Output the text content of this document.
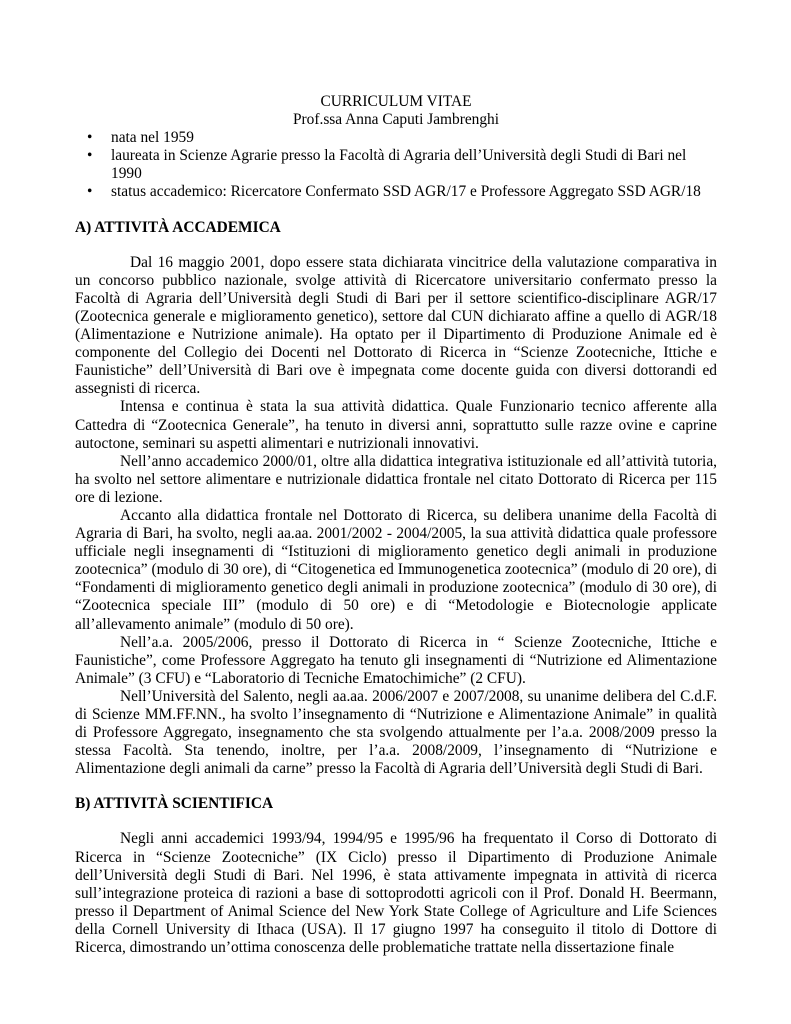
CURRICULUM VITAE
Prof.ssa Anna Caputi Jambrenghi
• nata nel 1959
• laureata in Scienze Agrarie presso la Facoltà di Agraria dell’Università degli Studi di Bari nel 1990
• status accademico: Ricercatore Confermato SSD AGR/17 e Professore Aggregato SSD AGR/18
A) ATTIVITÀ ACCADEMICA

Dal 16 maggio 2001, dopo essere stata dichiarata vincitrice della valutazione comparativa in un concorso pubblico nazionale, svolge attività di Ricercatore universitario confermato presso la Facoltà di Agraria dell’Università degli Studi di Bari per il settore scientifico-disciplinare AGR/17 (Zootecnica generale e miglioramento genetico), settore dal CUN dichiarato affine a quello di AGR/18 (Alimentazione e Nutrizione animale). Ha optato per il Dipartimento di Produzione Animale ed è componente del Collegio dei Docenti nel Dottorato di Ricerca in “Scienze Zootecniche, Ittiche e Faunistiche” dell’Università di Bari ove è impegnata come docente guida con diversi dottorandi ed assegnisti di ricerca.

Intensa e continua è stata la sua attività didattica. Quale Funzionario tecnico afferente alla Cattedra di “Zootecnica Generale”, ha tenuto in diversi anni, soprattutto sulle razze ovine e caprine autoctone, seminari su aspetti alimentari e nutrizionali innovativi.

Nell’anno accademico 2000/01, oltre alla didattica integrativa istituzionale ed all’attività tutoria, ha svolto nel settore alimentare e nutrizionale didattica frontale nel citato Dottorato di Ricerca per 115 ore di lezione.

Accanto alla didattica frontale nel Dottorato di Ricerca, su delibera unanime della Facoltà di Agraria di Bari, ha svolto, negli aa.aa. 2001/2002 - 2004/2005, la sua attività didattica quale professore ufficiale negli insegnamenti di “Istituzioni di miglioramento genetico degli animali in produzione zootecnica” (modulo di 30 ore), di “Citogenetica ed Immunogenetica zootecnica” (modulo di 20 ore), di “Fondamenti di miglioramento genetico degli animali in produzione zootecnica” (modulo di 30 ore), di “Zootecnica speciale III” (modulo di 50 ore) e di “Metodologie e Biotecnologie applicate all’allevamento animale” (modulo di 50 ore).

Nell’a.a. 2005/2006, presso il Dottorato di Ricerca in “ Scienze Zootecniche, Ittiche e Faunistiche”, come Professore Aggregato ha tenuto gli insegnamenti di “Nutrizione ed Alimentazione Animale” (3 CFU) e “Laboratorio di Tecniche Ematochimiche” (2 CFU).

Nell’Università del Salento, negli aa.aa. 2006/2007 e 2007/2008, su unanime delibera del C.d.F. di Scienze MM.FF.NN., ha svolto l’insegnamento di “Nutrizione e Alimentazione Animale” in qualità di Professore Aggregato, insegnamento che sta svolgendo attualmente per l’a.a. 2008/2009 presso la stessa Facoltà. Sta tenendo, inoltre, per l’a.a. 2008/2009, l’insegnamento di “Nutrizione e Alimentazione degli animali da carne” presso la Facoltà di Agraria dell’Università degli Studi di Bari.

B) ATTIVITÀ SCIENTIFICA

Negli anni accademici 1993/94, 1994/95 e 1995/96 ha frequentato il Corso di Dottorato di Ricerca in “Scienze Zootecniche” (IX Ciclo) presso il Dipartimento di Produzione Animale dell’Università degli Studi di Bari. Nel 1996, è stata attivamente impegnata in attività di ricerca sull’integrazione proteica di razioni a base di sottoprodotti agricoli con il Prof. Donald H. Beermann, presso il Department of Animal Science del New York State College of Agriculture and Life Sciences della Cornell University di Ithaca (USA). Il 17 giugno 1997 ha conseguito il titolo di Dottore di Ricerca, dimostrando un’ottima conoscenza delle problematiche trattate nella dissertazione finale
